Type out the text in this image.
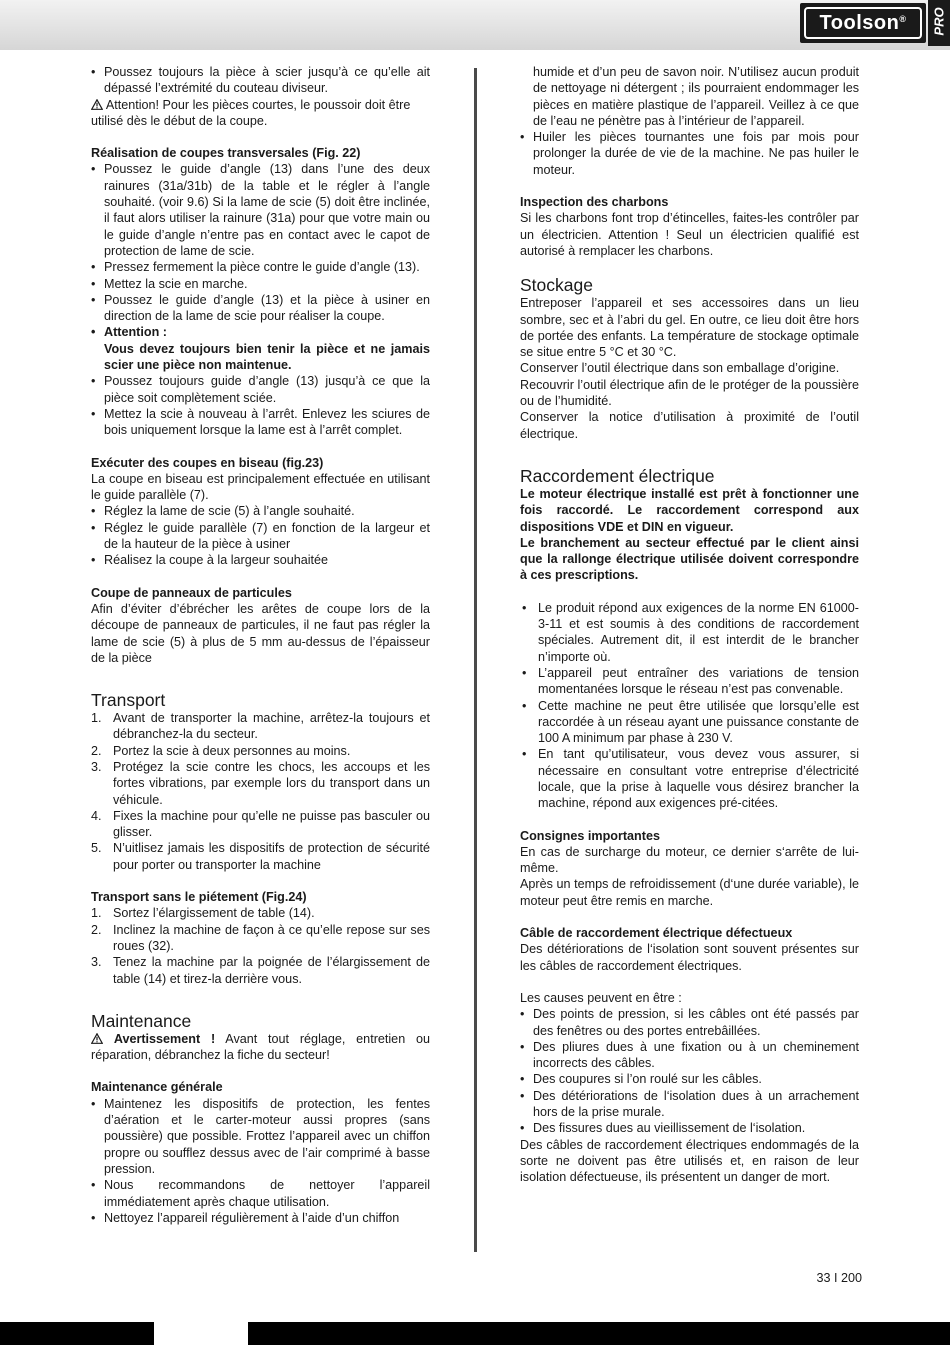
Toolson®	PRO
• Poussez toujours la pièce à scier jusqu’à ce qu’elle ait dépassé l’extrémité du couteau diviseur.

Attention! Pour les pièces courtes, le poussoir doit être utilisé dès le début de la coupe.

Réalisation de coupes transversales (Fig. 22)

• Poussez le guide d’angle (13) dans l’une des deux rainures (31a/31b) de la table et le régler à l’angle souhaité. (voir 9.6) Si la lame de scie (5) doit être inclinée, il faut alors utiliser la rainure (31a) pour que votre main ou le guide d’angle n’entre pas en contact avec le capot de protection de lame de scie.
• Pressez fermement la pièce contre le guide d’angle (13).
• Mettez la scie en marche.
• Poussez le guide d’angle (13) et la pièce à usiner en direction de la lame de scie pour réaliser la coupe.
• Attention :
Vous devez toujours bien tenir la pièce et ne jamais scier une pièce non maintenue.
• Poussez toujours guide d’angle (13) jusqu’à ce que la pièce soit complètement sciée.
• Mettez la scie à nouveau à l’arrêt. Enlevez les sciures de bois uniquement lorsque la lame est à l’arrêt complet.

Exécuter des coupes en biseau (fig.23)

La coupe en biseau est principalement effectuée en utilisant le guide parallèle (7).

• Réglez la lame de scie (5) à l’angle souhaité.
• Réglez le guide parallèle (7) en fonction de la largeur et de la hauteur de la pièce à usiner
• Réalisez la coupe à la largeur souhaitée

Coupe de panneaux de particules

Afin d’éviter d’ébrécher les arêtes de coupe lors de la découpe de panneaux de particules, il ne faut pas régler la lame de scie (5) à plus de 5 mm au-dessus de l’épaisseur de la pièce

Transport

1. Avant de transporter la machine, arrêtez-la toujours et débranchez-la du secteur.
2. Portez la scie à deux personnes au moins.
3. Protégez la scie contre les chocs, les accoups et les fortes vibrations, par exemple lors du transport dans un véhicule.
4. Fixes la machine pour qu’elle ne puisse pas basculer ou glisser.
5. N’uitlisez jamais les dispositifs de protection de sécurité pour porter ou transporter la machine

Transport sans le piétement (Fig.24)

1. Sortez l’élargissement de table (14).
2. Inclinez la machine de façon à ce qu’elle repose sur ses roues (32).
3. Tenez la machine par la poignée de l’élargissement de table (14) et tirez-la derrière vous.

Maintenance

Avertissement ! Avant tout réglage, entretien ou réparation, débranchez la fiche du secteur!

Maintenance générale

• Maintenez les dispositifs de protection, les fentes d’aération et le carter-moteur aussi propres (sans poussière) que possible. Frottez l’appareil avec un chiffon propre ou soufflez dessus avec de l’air comprimé à basse pression.
• Nous recommandons de nettoyer l’appareil immédiatement après chaque utilisation.
• Nettoyez l’appareil régulièrement à l’aide d’un chiffon
humide et d’un peu de savon noir. N’utilisez aucun produit de nettoyage ni détergent ; ils pourraient endommager les pièces en matière plastique de l’appareil. Veillez à ce que de l’eau ne pénètre pas à l’intérieur de l’appareil.
• Huiler les pièces tournantes une fois par mois pour prolonger la durée de vie de la machine. Ne pas huiler le moteur.

Inspection des charbons

Si les charbons font trop d’étincelles, faites-les contrôler par un électricien. Attention ! Seul un électricien qualifié est autorisé à remplacer les charbons.

Stockage

Entreposer l’appareil et ses accessoires dans un lieu sombre, sec et à l’abri du gel. En outre, ce lieu doit être hors de portée des enfants. La température de stockage optimale se situe entre 5 °C et 30 °C.

Conserver l’outil électrique dans son emballage d’origine.

Recouvrir l’outil électrique afin de le protéger de la poussière ou de l’humidité.

Conserver la notice d’utilisation à proximité de l’outil électrique.

Raccordement électrique

Le moteur électrique installé est prêt à fonctionner une fois raccordé. Le raccordement correspond aux dispositions VDE et DIN en vigueur.

Le branchement au secteur effectué par le client ainsi que la rallonge électrique utilisée doivent correspondre à ces prescriptions.

• Le produit répond aux exigences de la norme EN 61000-3-11 et est soumis à des conditions de raccordement spéciales. Autrement dit, il est interdit de le brancher n’importe où.
• L’appareil peut entraîner des variations de tension momentanées lorsque le réseau n’est pas convenable.
• Cette machine ne peut être utilisée que lorsqu’elle est raccordée à un réseau ayant une puissance constante de 100 A minimum par phase à 230 V.
• En tant qu’utilisateur, vous devez vous assurer, si nécessaire en consultant votre entreprise d’électricité locale, que la prise à laquelle vous désirez brancher la machine, répond aux exigences pré-citées.

Consignes importantes

En cas de surcharge du moteur, ce dernier s‘arrête de lui-même.

Après un temps de refroidissement (d‘une durée variable), le moteur peut être remis en marche.

Câble de raccordement électrique défectueux

Des détériorations de l‘isolation sont souvent présentes sur les câbles de raccordement électriques.

Les causes peuvent en être :

• Des points de pression, si les câbles ont été passés par des fenêtres ou des portes entrebâillées.
• Des pliures dues à une fixation ou à un cheminement incorrects des câbles.
• Des coupures si l’on roulé sur les câbles.
• Des détériorations de l‘isolation dues à un arrachement hors de la prise murale.
• Des fissures dues au vieillissement de l‘isolation.

Des câbles de raccordement électriques endommagés de la sorte ne doivent pas être utilisés et, en raison de leur isolation défectueuse, ils présentent un danger de mort.

33 I 200
